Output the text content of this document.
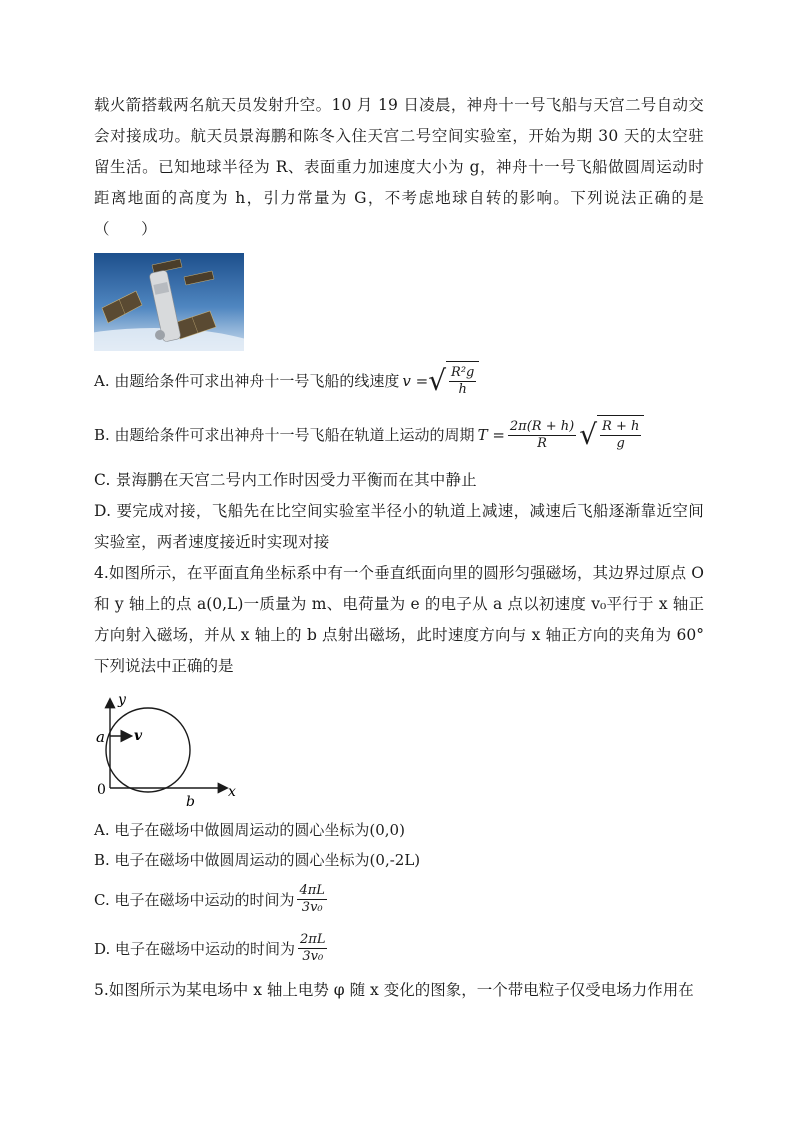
载火箭搭载两名航天员发射升空。10 月 19 日凌晨，神舟十一号飞船与天宫二号自动交会对接成功。航天员景海鹏和陈冬入住天宫二号空间实验室，开始为期 30 天的太空驻留生活。已知地球半径为 R、表面重力加速度大小为 g，神舟十一号飞船做圆周运动时距离地面的高度为 h，引力常量为 G，不考虑地球自转的影响。下列说法正确的是（　　）

A. 由题给条件可求出神舟十一号飞船的线速度 v = √ $\frac{\text{R²g}}{h}$
B. 由题给条件可求出神舟十一号飞船在轨道上运动的周期 $T = \frac{2\pi(R + h)}{R}$ √ $\frac{R + h}{g}$

C. 景海鹏在天宫二号内工作时因受力平衡而在其中静止

D. 要完成对接，飞船先在比空间实验室半径小的轨道上减速，减速后飞船逐渐靠近空间实验室，两者速度接近时实现对接

4.如图所示，在平面直角坐标系中有一个垂直纸面向里的圆形匀强磁场，其边界过原点 O 和 y 轴上的点 a(0,L)一质量为 m、电荷量为 e 的电子从 a 点以初速度 v₀平行于 x 轴正方向射入磁场，并从 x 轴上的 b 点射出磁场，此时速度方向与 x 轴正方向的夹角为 60° 下列说法中正确的是

y
x
a v
0
b
A. 电子在磁场中做圆周运动的圆心坐标为(0,0)
B. 电子在磁场中做圆周运动的圆心坐标为(0,-2L)
C. 电子在磁场中运动的时间为 $\frac{4\pi L}{\text{3v₀}}$
D. 电子在磁场中运动的时间为 $\frac{2\pi L}{\text{3v₀}}$

5.如图所示为某电场中 x 轴上电势 φ 随 x 变化的图象，一个带电粒子仅受电场力作用在
